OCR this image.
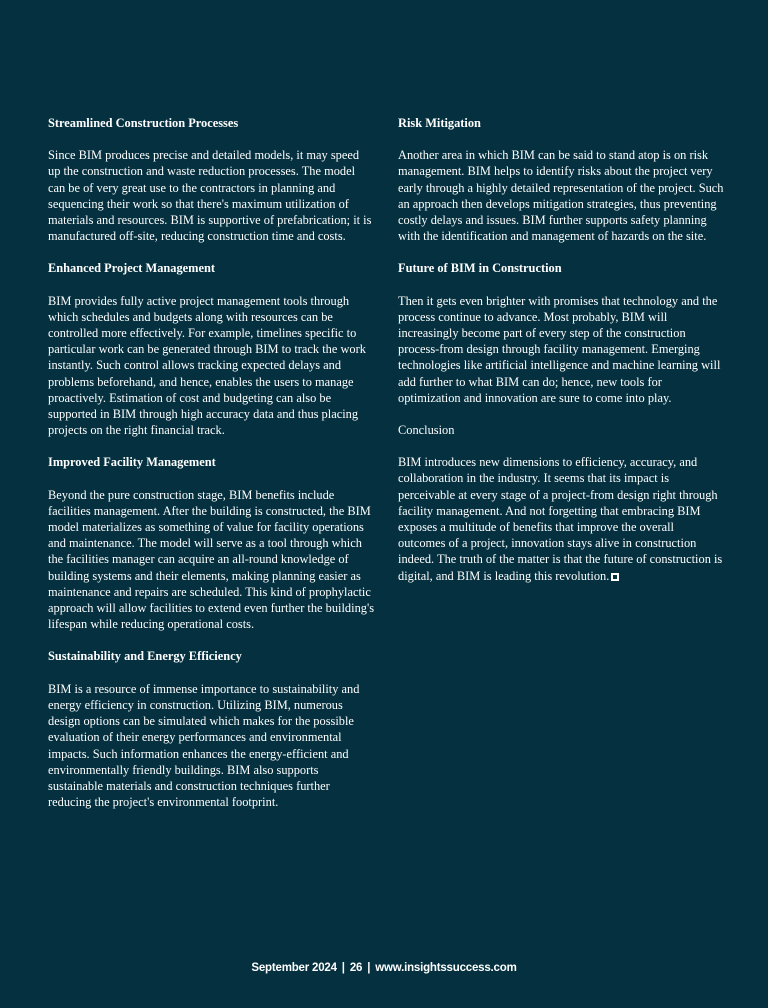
Streamlined Construction Processes

Since BIM produces precise and detailed models, it may speed up the construction and waste reduction processes. The model can be of very great use to the contractors in planning and sequencing their work so that there's maximum utilization of materials and resources. BIM is supportive of prefabrication; it is manufactured off-site, reducing construction time and costs.

Enhanced Project Management

BIM provides fully active project management tools through which schedules and budgets along with resources can be controlled more effectively. For example, timelines specific to particular work can be generated through BIM to track the work instantly. Such control allows tracking expected delays and problems beforehand, and hence, enables the users to manage proactively. Estimation of cost and budgeting can also be supported in BIM through high accuracy data and thus placing projects on the right financial track.

Improved Facility Management

Beyond the pure construction stage, BIM benefits include facilities management. After the building is constructed, the BIM model materializes as something of value for facility operations and maintenance. The model will serve as a tool through which the facilities manager can acquire an all-round knowledge of building systems and their elements, making planning easier as maintenance and repairs are scheduled. This kind of prophylactic approach will allow facilities to extend even further the building's lifespan while reducing operational costs.

Sustainability and Energy Efficiency

BIM is a resource of immense importance to sustainability and energy efficiency in construction. Utilizing BIM, numerous design options can be simulated which makes for the possible evaluation of their energy performances and environmental impacts. Such information enhances the energy-efficient and environmentally friendly buildings. BIM also supports sustainable materials and construction techniques further reducing the project's environmental footprint.

Risk Mitigation

Another area in which BIM can be said to stand atop is on risk management. BIM helps to identify risks about the project very early through a highly detailed representation of the project. Such an approach then develops mitigation strategies, thus preventing costly delays and issues. BIM further supports safety planning with the identification and management of hazards on the site.

Future of BIM in Construction

Then it gets even brighter with promises that technology and the process continue to advance. Most probably, BIM will increasingly become part of every step of the construction process-from design through facility management. Emerging technologies like artificial intelligence and machine learning will add further to what BIM can do; hence, new tools for optimization and innovation are sure to come into play.

Conclusion

BIM introduces new dimensions to efficiency, accuracy, and collaboration in the industry. It seems that its impact is perceivable at every stage of a project-from design right through facility management. And not forgetting that embracing BIM exposes a multitude of benefits that improve the overall outcomes of a project, innovation stays alive in construction indeed. The truth of the matter is that the future of construction is digital, and BIM is leading this revolution.

September 2024 | 26 | www.insightssuccess.com
